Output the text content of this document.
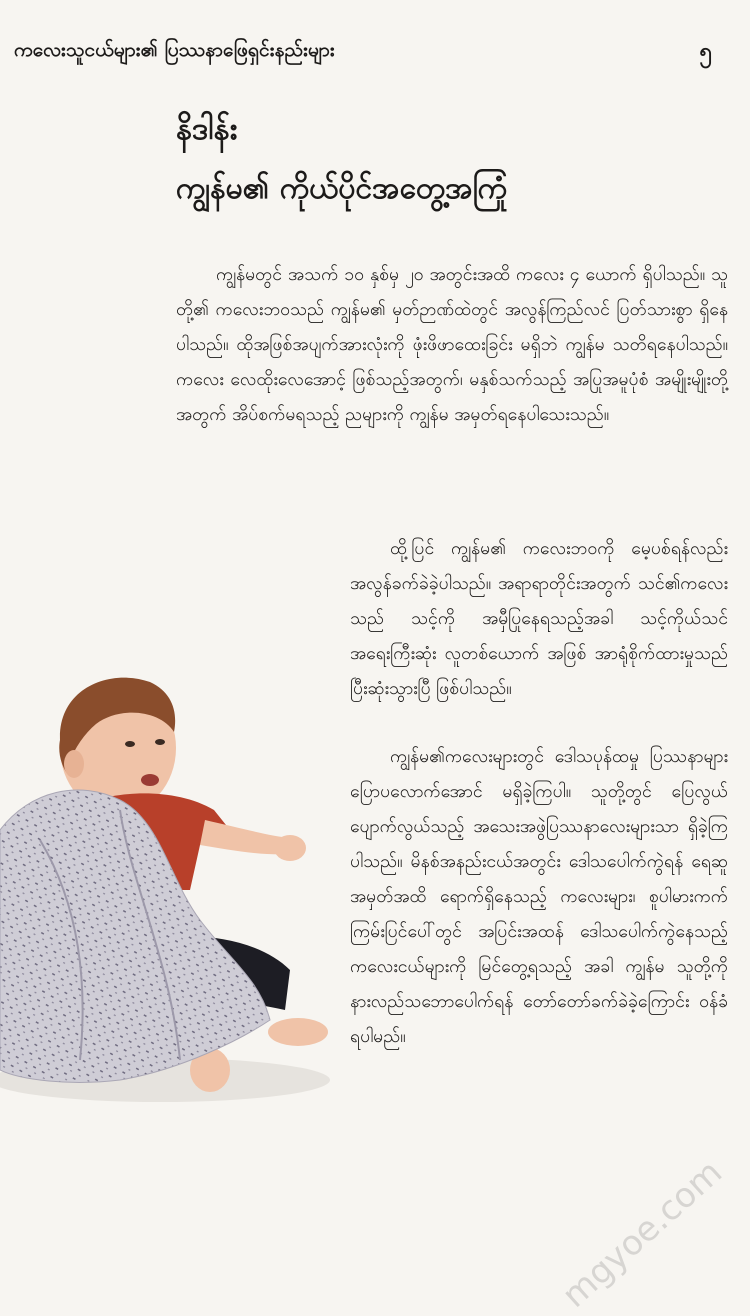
ကလေးသူငယ်များ၏ ပြဿနာဖြေရှင်းနည်းများ	၅
နိဒါန်း
ကျွန်မ၏ ကိုယ်ပိုင်အတွေ့အကြုံ

ကျွန်မတွင် အသက် ၁၀ နှစ်မှ ၂၀ အတွင်းအထိ ကလေး ၄ ယောက် ရှိပါသည်။ သူတို့၏ ကလေးဘဝသည် ကျွန်မ၏ မှတ်ဉာဏ်ထဲတွင် အလွန်ကြည်လင် ပြတ်သားစွာ ရှိနေပါသည်။ ထိုအဖြစ်အပျက်အားလုံးကို ဖုံးဖိဖာထေးခြင်း မရှိဘဲ ကျွန်မ သတိရနေပါသည်။ ကလေး လေထိုးလေအောင့် ဖြစ်သည့်အတွက်၊ မနှစ်သက်သည့် အပြုအမူပုံစံ အမျိုးမျိုးတို့အတွက် အိပ်စက်မရသည့် ညများကို ကျွန်မ အမှတ်ရနေပါသေးသည်။

ထို့ပြင် ကျွန်မ၏ ကလေးဘဝကို မေ့ပစ်ရန်လည်း အလွန်ခက်ခဲခဲ့ပါသည်။ အရာရာတိုင်းအတွက် သင်၏ကလေးသည် သင့်ကို အမှီပြုနေရသည့်အခါ သင့်ကိုယ်သင် အရေးကြီးဆုံး လူတစ်ယောက် အဖြစ် အာရုံစိုက်ထားမှုသည် ပြီးဆုံးသွားပြီ ဖြစ်ပါသည်။

ကျွန်မ၏ကလေးများတွင် ဒေါသပုန်ထမှု ပြဿနာများ ပြောပလောက်အောင် မရှိခဲ့ကြပါ။ သူတို့တွင် ပြေလွယ်ပျောက်လွယ်သည့် အသေးအဖွဲပြဿနာလေးများသာ ရှိခဲ့ကြပါသည်။ မိနစ်အနည်းငယ်အတွင်း ဒေါသပေါက်ကွဲရန် ရေဆူအမှတ်အထိ ရောက်ရှိနေသည့် ကလေးများ၊ စူပါမားကက် ကြမ်းပြင်ပေါ်တွင် အပြင်းအထန် ဒေါသပေါက်ကွဲနေသည့် ကလေးငယ်များကို မြင်တွေ့ရသည့် အခါ ကျွန်မ သူတို့ကို နားလည်သဘောပေါက်ရန် တော်တော်ခက်ခဲခဲ့ကြောင်း ဝန်ခံရပါမည်။

mgyoe.com
